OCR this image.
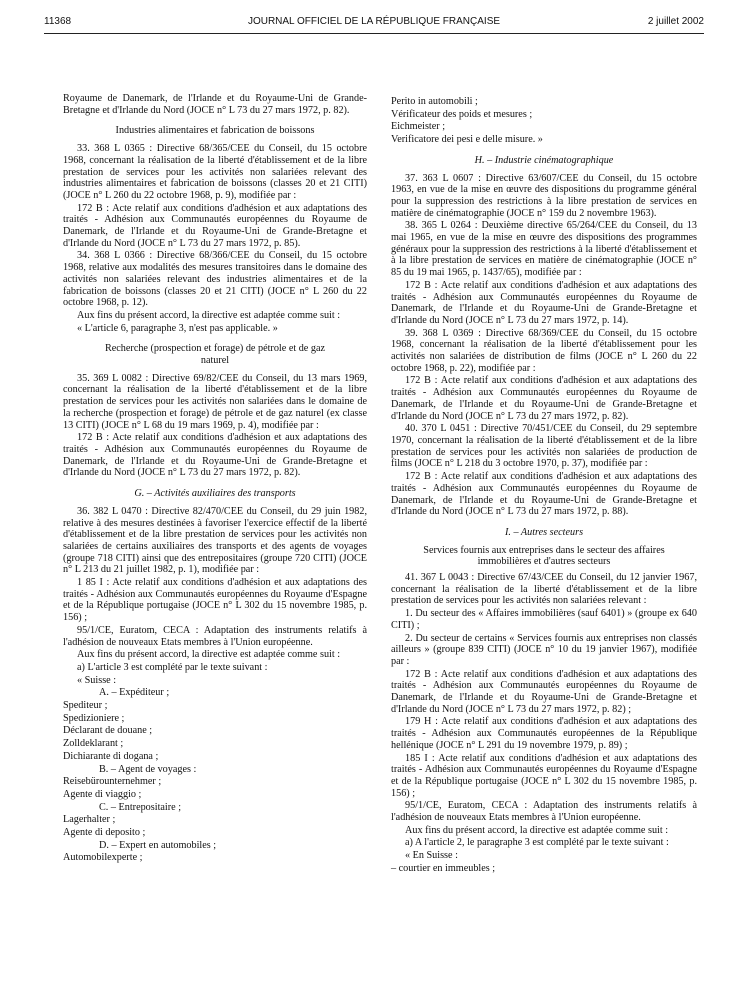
11368	JOURNAL OFFICIEL DE LA RÉPUBLIQUE FRANÇAISE	2 juillet 2002

Royaume de Danemark, de l'Irlande et du Royaume-Uni de Grande-Bretagne et d'Irlande du Nord (JOCE n° L 73 du 27 mars 1972, p. 82).

Industries alimentaires et fabrication de boissons

33. 368 L 0365 : Directive 68/365/CEE du Conseil, du 15 octobre 1968, concernant la réalisation de la liberté d'établissement et de la libre prestation de services pour les activités non salariées relevant des industries alimentaires et fabrication de boissons (classes 20 et 21 CITI) (JOCE n° L 260 du 22 octobre 1968, p. 9), modifiée par :

172 B : Acte relatif aux conditions d'adhésion et aux adaptations des traités - Adhésion aux Communautés européennes du Royaume de Danemark, de l'Irlande et du Royaume-Uni de Grande-Bretagne et d'Irlande du Nord (JOCE n° L 73 du 27 mars 1972, p. 85).

34. 368 L 0366 : Directive 68/366/CEE du Conseil, du 15 octobre 1968, relative aux modalités des mesures transitoires dans le domaine des activités non salariées relevant des industries alimentaires et de la fabrication de boissons (classes 20 et 21 CITI) (JOCE n° L 260 du 22 octobre 1968, p. 12).

Aux fins du présent accord, la directive est adaptée comme suit :

« L'article 6, paragraphe 3, n'est pas applicable. »

Recherche (prospection et forage) de pétrole et de gaz naturel

35. 369 L 0082 : Directive 69/82/CEE du Conseil, du 13 mars 1969, concernant la réalisation de la liberté d'établissement et de la libre prestation de services pour les activités non salariées dans le domaine de la recherche (prospection et forage) de pétrole et de gaz naturel (ex classe 13 CITI) (JOCE n° L 68 du 19 mars 1969, p. 4), modifiée par :

172 B : Acte relatif aux conditions d'adhésion et aux adaptations des traités - Adhésion aux Communautés européennes du Royaume de Danemark, de l'Irlande et du Royaume-Uni de Grande-Bretagne et d'Irlande du Nord (JOCE n° L 73 du 27 mars 1972, p. 82).

G. – Activités auxiliaires des transports

36. 382 L 0470 : Directive 82/470/CEE du Conseil, du 29 juin 1982, relative à des mesures destinées à favoriser l'exercice effectif de la liberté d'établissement et de la libre prestation de services pour les activités non salariées de certains auxiliaires des transports et des agents de voyages (groupe 718 CITI) ainsi que des entrepositaires (groupe 720 CITI) (JOCE n° L 213 du 21 juillet 1982, p. 1), modifiée par :

1 85 I : Acte relatif aux conditions d'adhésion et aux adaptations des traités - Adhésion aux Communautés européennes du Royaume d'Espagne et de la République portugaise (JOCE n° L 302 du 15 novembre 1985, p. 156) ;

95/1/CE, Euratom, CECA : Adaptation des instruments relatifs à l'adhésion de nouveaux Etats membres à l'Union européenne.

Aux fins du présent accord, la directive est adaptée comme suit :

a) L'article 3 est complété par le texte suivant :

« Suisse :

A. – Expéditeur ;

Spediteur ;

Spedizioniere ;

Déclarant de douane ;

Zolldeklarant ;

Dichiarante di dogana ;

B. – Agent de voyages :

Reisebürounternehmer ;

Agente di viaggio ;

C. – Entrepositaire ;

Lagerhalter ;

Agente di deposito ;

D. – Expert en automobiles ;

Automobilexperte ;

Perito in automobili ;

Vérificateur des poids et mesures ;

Eichmeister ;

Verificatore dei pesi e delle misure. »

H. – Industrie cinématographique

37. 363 L 0607 : Directive 63/607/CEE du Conseil, du 15 octobre 1963, en vue de la mise en œuvre des dispositions du programme général pour la suppression des restrictions à la libre prestation de services en matière de cinématographie (JOCE n° 159 du 2 novembre 1963).

38. 365 L 0264 : Deuxième directive 65/264/CEE du Conseil, du 13 mai 1965, en vue de la mise en œuvre des dispositions des programmes généraux pour la suppression des restrictions à la liberté d'établissement et à la libre prestation de services en matière de cinématographie (JOCE n° 85 du 19 mai 1965, p. 1437/65), modifiée par :

172 B : Acte relatif aux conditions d'adhésion et aux adaptations des traités - Adhésion aux Communautés européennes du Royaume de Danemark, de l'Irlande et du Royaume-Uni de Grande-Bretagne et d'Irlande du Nord (JOCE n° L 73 du 27 mars 1972, p. 14).

39. 368 L 0369 : Directive 68/369/CEE du Conseil, du 15 octobre 1968, concernant la réalisation de la liberté d'établissement pour les activités non salariées de distribution de films (JOCE n° L 260 du 22 octobre 1968, p. 22), modifiée par :

172 B : Acte relatif aux conditions d'adhésion et aux adaptations des traités - Adhésion aux Communautés européennes du Royaume de Danemark, de l'Irlande et du Royaume-Uni de Grande-Bretagne et d'Irlande du Nord (JOCE n° L 73 du 27 mars 1972, p. 82).

40. 370 L 0451 : Directive 70/451/CEE du Conseil, du 29 septembre 1970, concernant la réalisation de la liberté d'établissement et de la libre prestation de services pour les activités non salariées de production de films (JOCE n° L 218 du 3 octobre 1970, p. 37), modifiée par :

172 B : Acte relatif aux conditions d'adhésion et aux adaptations des traités - Adhésion aux Communautés européennes du Royaume de Danemark, de l'Irlande et du Royaume-Uni de Grande-Bretagne et d'Irlande du Nord (JOCE n° L 73 du 27 mars 1972, p. 88).

I. – Autres secteurs

Services fournis aux entreprises dans le secteur des affaires immobilières et d'autres secteurs

41. 367 L 0043 : Directive 67/43/CEE du Conseil, du 12 janvier 1967, concernant la réalisation de la liberté d'établissement et de la libre prestation de services pour les activités non salariées relevant :

1. Du secteur des « Affaires immobilières (sauf 6401) » (groupe ex 640 CITI) ;

2. Du secteur de certains « Services fournis aux entreprises non classés ailleurs » (groupe 839 CITI) (JOCE n° 10 du 19 janvier 1967), modifiée par :

172 B : Acte relatif aux conditions d'adhésion et aux adaptations des traités - Adhésion aux Communautés européennes du Royaume de Danemark, de l'Irlande et du Royaume-Uni de Grande-Bretagne et d'Irlande du Nord (JOCE n° L 73 du 27 mars 1972, p. 82) ;

179 H : Acte relatif aux conditions d'adhésion et aux adaptations des traités - Adhésion aux Communautés européennes de la République hellénique (JOCE n° L 291 du 19 novembre 1979, p. 89) ;

185 I : Acte relatif aux conditions d'adhésion et aux adaptations des traités - Adhésion aux Communautés européennes du Royaume d'Espagne et de la République portugaise (JOCE n° L 302 du 15 novembre 1985, p. 156) ;

95/1/CE, Euratom, CECA : Adaptation des instruments relatifs à l'adhésion de nouveaux Etats membres à l'Union européenne.

Aux fins du présent accord, la directive est adaptée comme suit :

a) A l'article 2, le paragraphe 3 est complété par le texte suivant :

« En Suisse :

– courtier en immeubles ;
